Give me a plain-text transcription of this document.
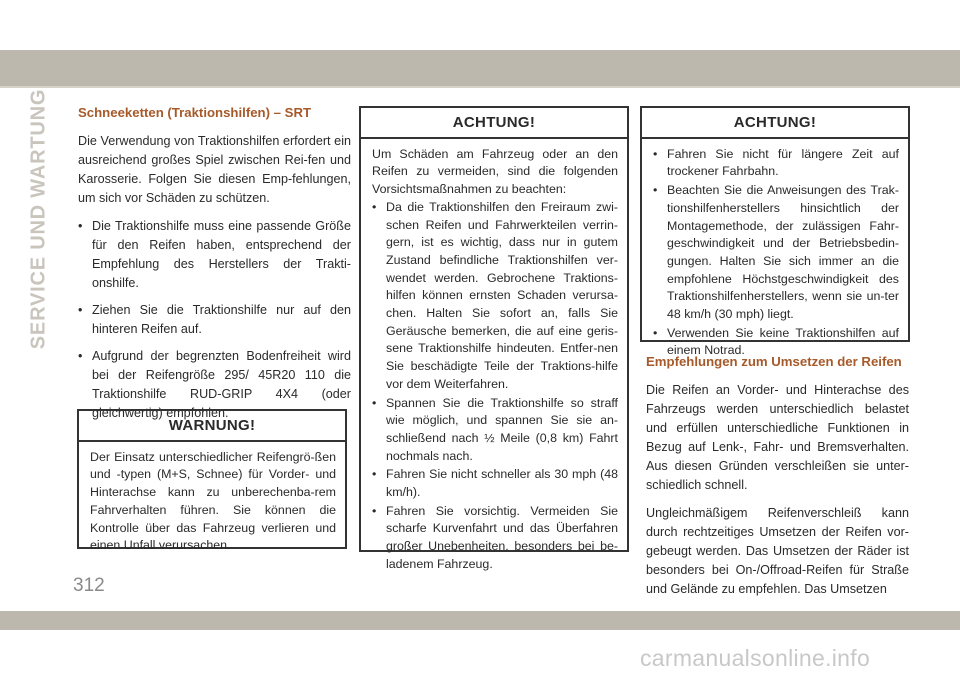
SERVICE UND WARTUNG Schneeketten (Traktionshilfen) – SRT

Die Verwendung von Traktionshilfen erfordert ein ausreichend großes Spiel zwischen Rei-fen und Karosserie. Folgen Sie diesen Emp-fehlungen, um sich vor Schäden zu schützen.

• Die Traktionshilfe muss eine passende Größe für den Reifen haben, entsprechend der Empfehlung des Herstellers der Trakti-onshilfe.
• Ziehen Sie die Traktionshilfe nur auf den hinteren Reifen auf.
• Aufgrund der begrenzten Bodenfreiheit wird bei der Reifengröße 295/ 45R20 110 die Traktionshilfe RUD-GRIP 4X4 (oder gleichwertig) empfohlen.
WARNUNG!
Der Einsatz unterschiedlicher Reifengrö-ßen und -typen (M+S, Schnee) für Vorder- und Hinterachse kann zu unberechenba-rem Fahrverhalten führen. Sie können die Kontrolle über das Fahrzeug verlieren und einen Unfall verursachen.
ACHTUNG!
Um Schäden am Fahrzeug oder an den Reifen zu vermeiden, sind die folgenden Vorsichtsmaßnahmen zu beachten:
• Da die Traktionshilfen den Freiraum zwi-schen Reifen und Fahrwerkteilen verrin-gern, ist es wichtig, dass nur in gutem Zustand befindliche Traktionshilfen ver-wendet werden. Gebrochene Traktions-hilfen können ernsten Schaden verursa-chen. Halten Sie sofort an, falls Sie Geräusche bemerken, die auf eine geris-sene Traktionshilfe hindeuten. Entfer-nen Sie beschädigte Teile der Traktions-hilfe vor dem Weiterfahren.
• Spannen Sie die Traktionshilfe so straff wie möglich, und spannen Sie sie an-schließend nach ½ Meile (0,8 km) Fahrt nochmals nach.
• Fahren Sie nicht schneller als 30 mph (48 km/h).
• Fahren Sie vorsichtig. Vermeiden Sie scharfe Kurvenfahrt und das Überfahren großer Unebenheiten, besonders bei be-ladenem Fahrzeug.
ACHTUNG!
• Fahren Sie nicht für längere Zeit auf trockener Fahrbahn.
• Beachten Sie die Anweisungen des Trak-tionshilfenherstellers hinsichtlich der Montagemethode, der zulässigen Fahr-geschwindigkeit und der Betriebsbedin-gungen. Halten Sie sich immer an die empfohlene Höchstgeschwindigkeit des Traktionshilfenherstellers, wenn sie un-ter 48 km/h (30 mph) liegt.
• Verwenden Sie keine Traktionshilfen auf einem Notrad.
Empfehlungen zum Umsetzen der Reifen

Die Reifen an Vorder- und Hinterachse des Fahrzeugs werden unterschiedlich belastet und erfüllen unterschiedliche Funktionen in Bezug auf Lenk-, Fahr- und Bremsverhalten. Aus diesen Gründen verschleißen sie unter-schiedlich schnell.

Ungleichmäßigem Reifenverschleiß kann durch rechtzeitiges Umsetzen der Reifen vor-gebeugt werden. Das Umsetzen der Räder ist besonders bei On-/Offroad-Reifen für Straße und Gelände zu empfehlen. Das Umsetzen

312
carmanualsonline.info
